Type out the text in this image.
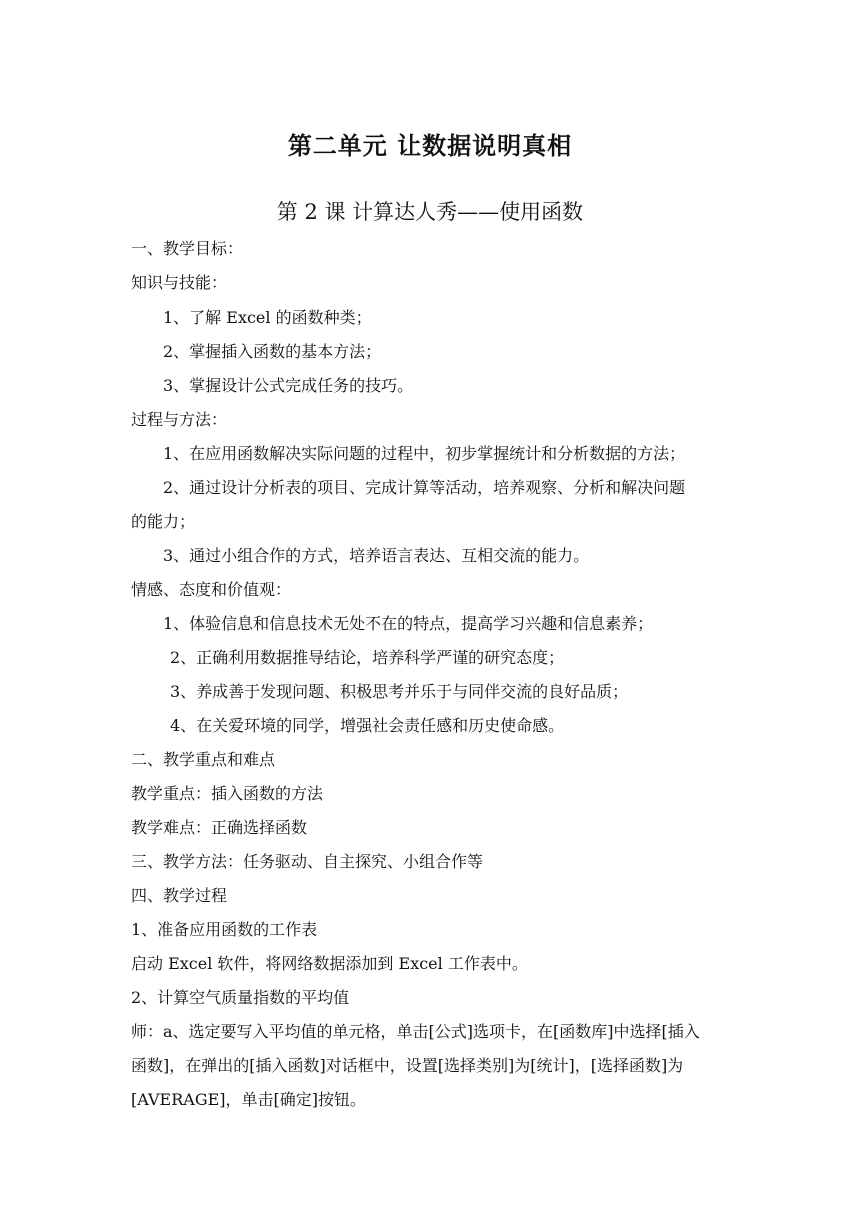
第二单元 让数据说明真相
第 2 课 计算达人秀——使用函数
一、教学目标：
知识与技能：
1、了解 Excel 的函数种类；
2、掌握插入函数的基本方法；
3、掌握设计公式完成任务的技巧。
过程与方法：
1、在应用函数解决实际问题的过程中，初步掌握统计和分析数据的方法；
2、通过设计分析表的项目、完成计算等活动，培养观察、分析和解决问题
的能力；
3、通过小组合作的方式，培养语言表达、互相交流的能力。
情感、态度和价值观：
1、体验信息和信息技术无处不在的特点，提高学习兴趣和信息素养；
2、正确利用数据推导结论，培养科学严谨的研究态度；
3、养成善于发现问题、积极思考并乐于与同伴交流的良好品质；
4、在关爱环境的同学，增强社会责任感和历史使命感。
二、教学重点和难点
教学重点：插入函数的方法
教学难点：正确选择函数
三、教学方法：任务驱动、自主探究、小组合作等
四、教学过程
1、准备应用函数的工作表
启动 Excel 软件，将网络数据添加到 Excel 工作表中。
2、计算空气质量指数的平均值
师：a、选定要写入平均值的单元格，单击[公式]选项卡，在[函数库]中选择[插入
函数]，在弹出的[插入函数]对话框中，设置[选择类别]为[统计]，[选择函数]为
[AVERAGE]，单击[确定]按钮。
